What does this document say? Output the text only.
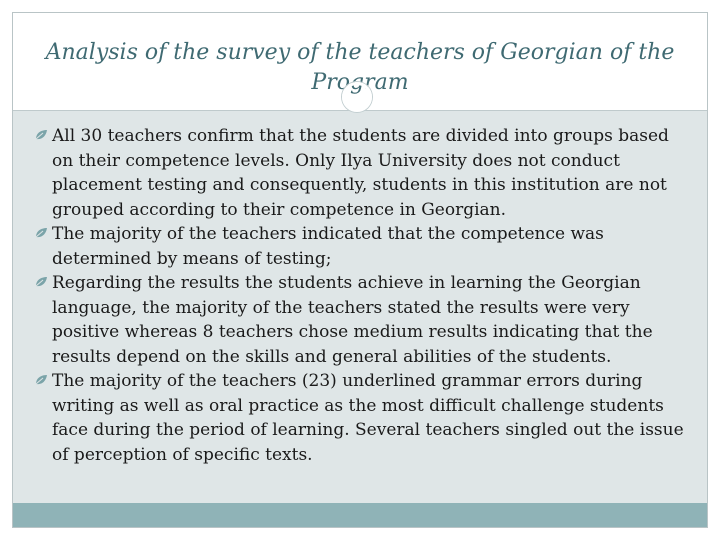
Analysis of the survey of the teachers of Georgian of the Program
All 30 teachers confirm that the students are divided into groups based on their competence levels. Only Ilya University does not conduct placement testing and consequently, students in this institution are not grouped according to their competence in Georgian.
The majority of the teachers indicated that the competence was determined by means of testing;
Regarding the results the students achieve in learning the Georgian language, the majority of the teachers stated the results were very positive whereas 8 teachers chose medium results indicating that the results depend on the skills and general abilities of the students.
The majority of the teachers (23) underlined grammar errors during writing as well as oral practice as the most difficult challenge students face during the period of learning. Several teachers singled out the issue of perception of specific texts.
